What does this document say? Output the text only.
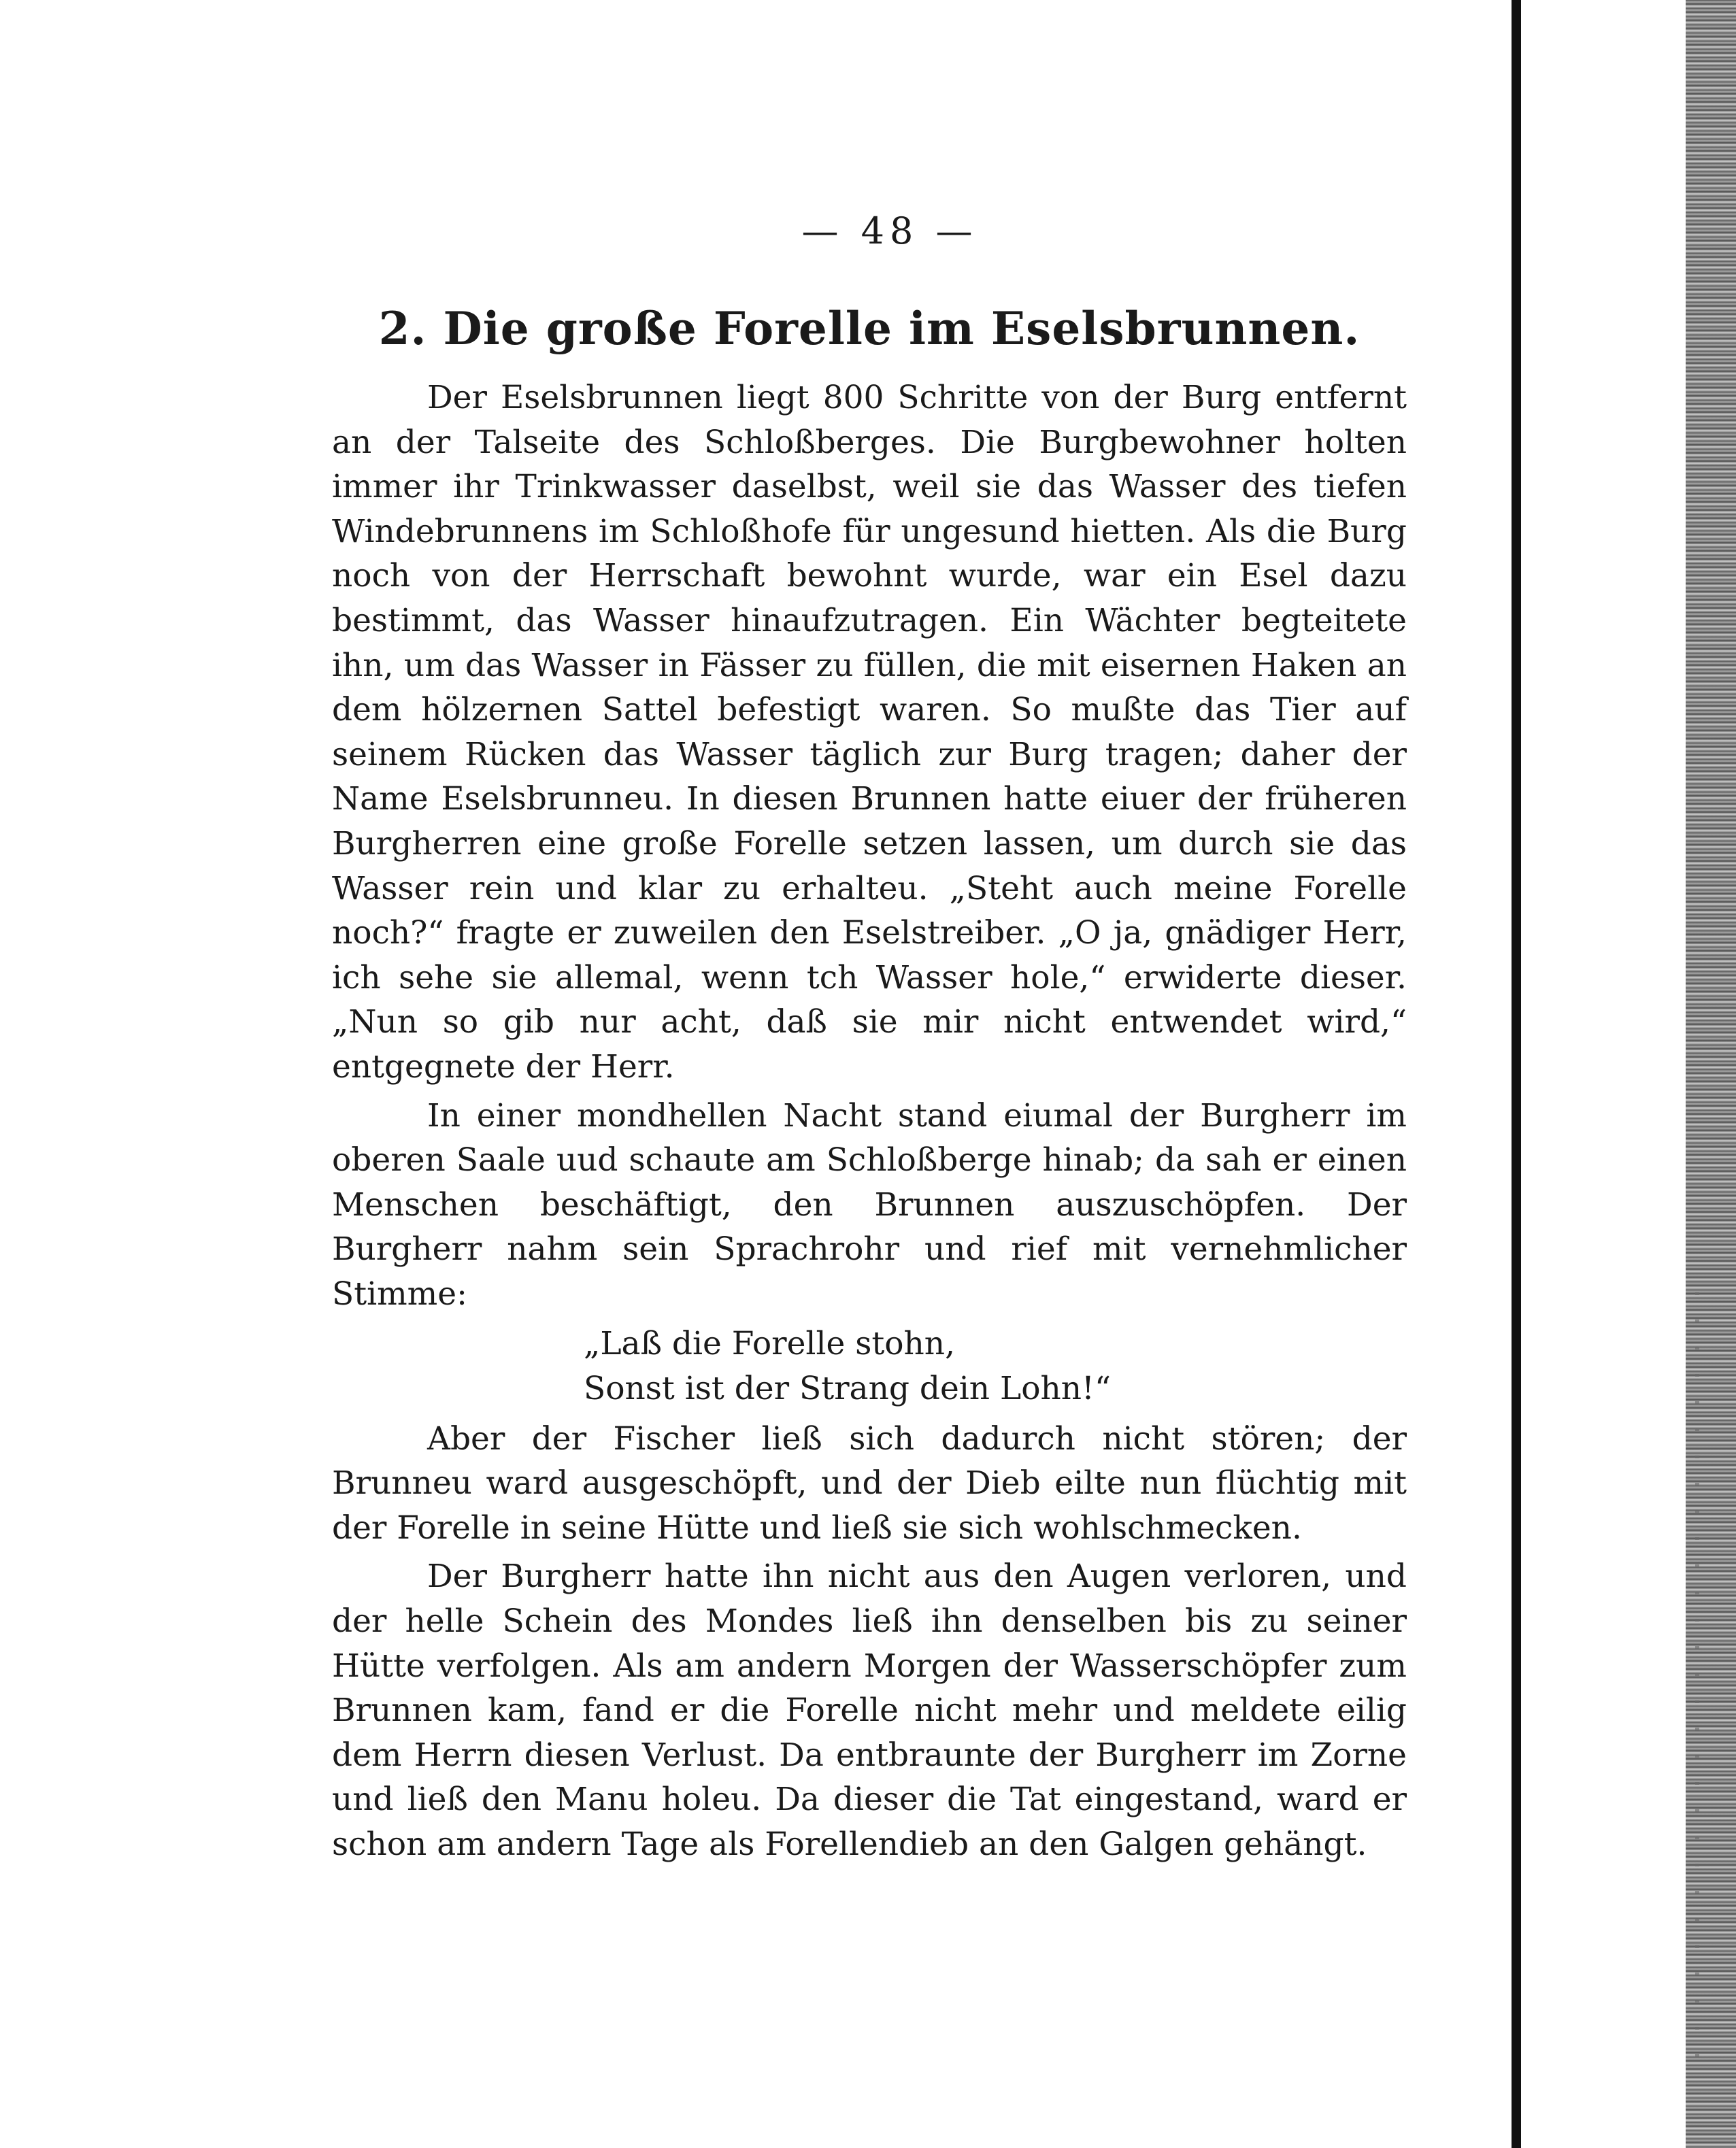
— 48 —
2. Die große Forelle im Eselsbrunnen.

Der Eselsbrunnen liegt 800 Schritte von der Burg entfernt an der Talseite des Schloßberges. Die Burgbewohner holten immer ihr Trinkwasser daselbst, weil sie das Wasser des tiefen Windebrunnens im Schloßhofe für ungesund hietten. Als die Burg noch von der Herrschaft bewohnt wurde, war ein Esel dazu bestimmt, das Wasser hinaufzutragen. Ein Wächter begteitete ihn, um das Wasser in Fässer zu füllen, die mit eisernen Haken an dem hölzernen Sattel befestigt waren. So mußte das Tier auf seinem Rücken das Wasser täglich zur Burg tragen; daher der Name Eselsbrunneu. In diesen Brunnen hatte eiuer der früheren Burgherren eine große Forelle setzen lassen, um durch sie das Wasser rein und klar zu erhalteu. „Steht auch meine Forelle noch?“ fragte er zuweilen den Eselstreiber. „O ja, gnädiger Herr, ich sehe sie allemal, wenn tch Wasser hole,“ erwiderte dieser. „Nun so gib nur acht, daß sie mir nicht entwendet wird,“ entgegnete der Herr.

In einer mondhellen Nacht stand eiumal der Burgherr im oberen Saale uud schaute am Schloßberge hinab; da sah er einen Menschen beschäftigt, den Brunnen auszuschöpfen. Der Burgherr nahm sein Sprachrohr und rief mit vernehmlicher Stimme:

„Laß die Forelle stohn,
Sonst ist der Strang dein Lohn!“

Aber der Fischer ließ sich dadurch nicht stören; der Brunneu ward ausgeschöpft, und der Dieb eilte nun flüchtig mit der Forelle in seine Hütte und ließ sie sich wohlschmecken.

Der Burgherr hatte ihn nicht aus den Augen verloren, und der helle Schein des Mondes ließ ihn denselben bis zu seiner Hütte verfolgen. Als am andern Morgen der Wasserschöpfer zum Brunnen kam, fand er die Forelle nicht mehr und meldete eilig dem Herrn diesen Verlust. Da entbraunte der Burgherr im Zorne und ließ den Manu holeu. Da dieser die Tat eingestand, ward er schon am andern Tage als Forellendieb an den Galgen gehängt.
